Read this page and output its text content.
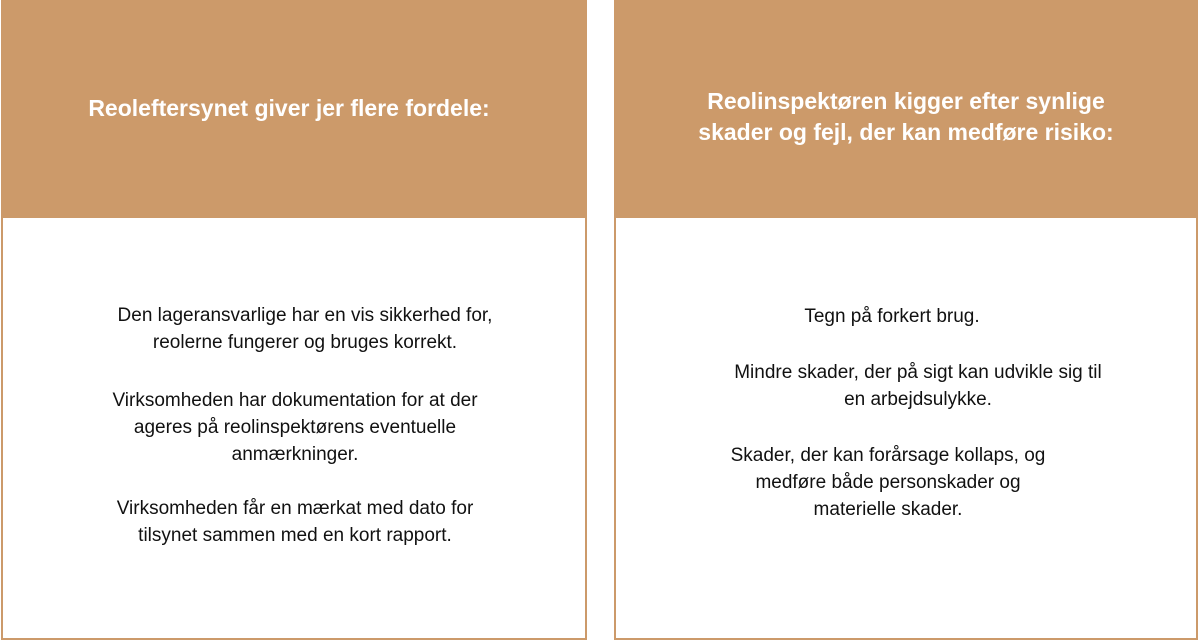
Reoleftersynet giver jer flere fordele:
Den lageransvarlige har en vis sikkerhed for,
reolerne fungerer og bruges korrekt.
Virksomheden har dokumentation for at der
ageres på reolinspektørens eventuelle
anmærkninger.
Virksomheden får en mærkat med dato for
tilsynet sammen med en kort rapport.
Reolinspektøren kigger efter synlige
skader og fejl, der kan medføre risiko:
Tegn på forkert brug.
Mindre skader, der på sigt kan udvikle sig til
en arbejdsulykke.
Skader, der kan forårsage kollaps, og
medføre både personskader og
materielle skader.
